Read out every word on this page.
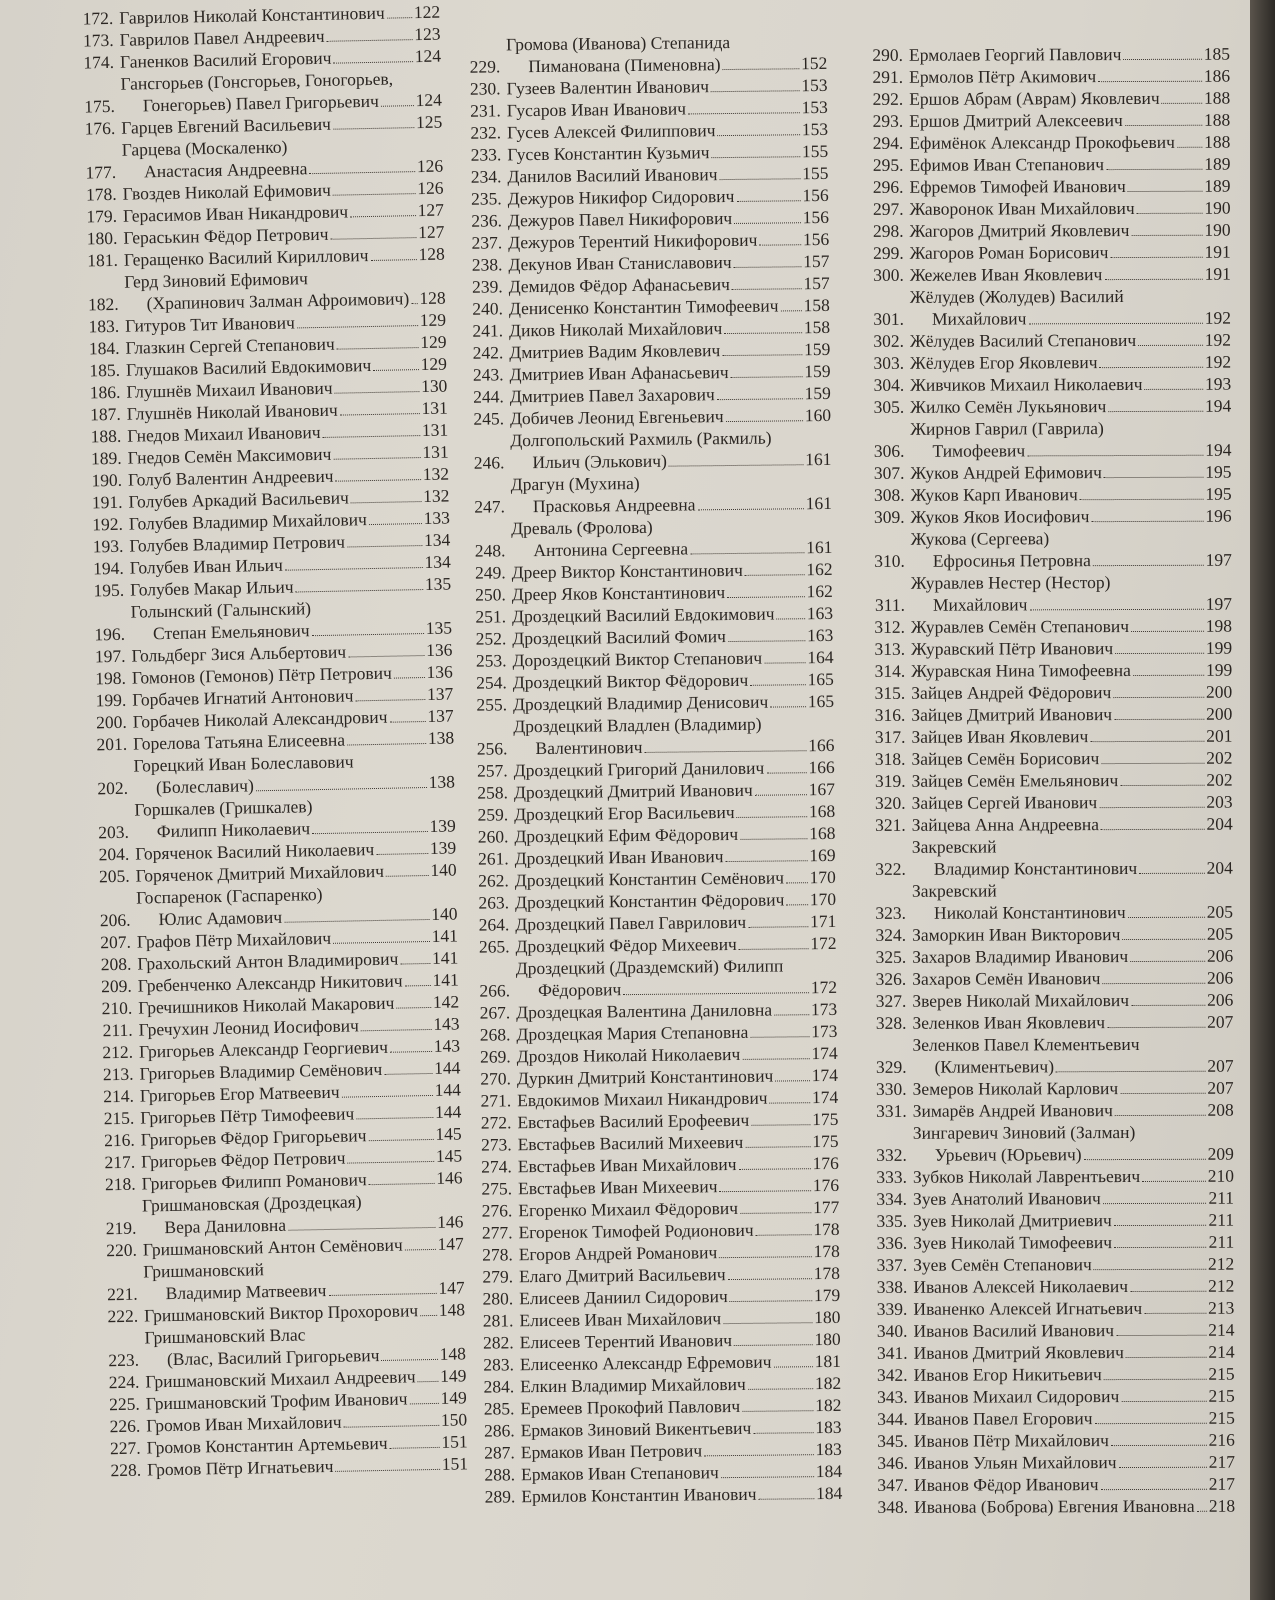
172. Гаврилов Николай Константинович 122
173. Гаврилов Павел Андреевич	123
174. Ганенков Василий Егорович	124
175.
Гансгорьев (Гонсгорьев, Гоногорьев,
Гонегорьев) Павел Григорьевич 124
176. Гарцев Евгений Васильевич	125
177.
Гарцева (Москаленко)
Анастасия Андреевна	126
178. Гвоздев Николай Ефимович	126
179. Герасимов Иван Никандрович	127
180. Гераськин Фёдор Петрович	127
181. Геращенко Василий Кириллович	128
182.
Герд Зиновий Ефимович
(Храпинович Залман Афроимович) 128
183. Гитуров Тит Иванович	129
184. Глазкин Сергей Степанович	129
185. Глушаков Василий Евдокимович	129
186. Глушнёв Михаил Иванович	130
187. Глушнёв Николай Иванович	131
188. Гнедов Михаил Иванович	131
189. Гнедов Семён Максимович	131
190. Голуб Валентин Андреевич	132
191. Голубев Аркадий Васильевич	132
192. Голубев Владимир Михайлович	133
193. Голубев Владимир Петрович	134
194. Голубев Иван Ильич	134
195. Голубев Макар Ильич	135
196.
Голынский (Галынский)
Степан Емельянович	135
197. Гольдберг Зися Альбертович	136
198. Гомонов (Гемонов) Пётр Петрович 136
199. Горбачев Игнатий Антонович	137
200. Горбачев Николай Александрович 137
201. Горелова Татьяна Елисеевна	138
202.
Горецкий Иван Болеславович
(Болеславич)	138
203.
Горшкалев (Гришкалев)
Филипп Николаевич	139
204. Горяченок Василий Николаевич	139
205. Горяченок Дмитрий Михайлович	140
206.
Госпаренок (Гаспаренко)
Юлис Адамович	140
207. Графов Пётр Михайлович	141
208. Грахольский Антон Владимирович 141
209. Гребенченко Александр Никитович 141
210. Гречишников Николай Макарович 142
211. Гречухин Леонид Иосифович	143
212. Григорьев Александр Георгиевич	143
213. Григорьев Владимир Семёнович	144
214. Григорьев Егор Матвеевич	144
215. Григорьев Пётр Тимофеевич	144
216. Григорьев Фёдор Григорьевич	145
217. Григорьев Фёдор Петрович	145
218. Григорьев Филипп Романович	146
219.
Гришмановская (Дроздецкая)
Вера Даниловна	146
220. Гришмановский Антон Семёнович 147
221.
Гришмановский
Владимир Матвеевич	147
222. Гришмановский Виктор Прохорович 148
223.
Гришмановский Влас
(Влас, Василий Григорьевич	148
224. Гришмановский Михаил Андреевич 149
225. Гришмановский Трофим Иванович 149
226. Громов Иван Михайлович	150
227. Громов Константин Артемьевич	151
228. Громов Пётр Игнатьевич	151
229.
Громова (Иванова) Степанида
Пиманована (Пименовна)	152
230. Гузеев Валентин Иванович	153
231. Гусаров Иван Иванович	153
232. Гусев Алексей Филиппович	153
233. Гусев Константин Кузьмич	155
234. Данилов Василий Иванович	155
235. Дежуров Никифор Сидорович	156
236. Дежуров Павел Никифорович	156
237. Дежуров Терентий Никифорович	156
238. Декунов Иван Станиславович	157
239. Демидов Фёдор Афанасьевич	157
240. Денисенко Константин Тимофеевич 158
241. Диков Николай Михайлович	158
242. Дмитриев Вадим Яковлевич	159
243. Дмитриев Иван Афанасьевич	159
244. Дмитриев Павел Захарович	159
245. Добичев Леонид Евгеньевич	160
246.
Долгопольский Рахмиль (Ракмиль)
Ильич (Элькович)	161
247.
Драгун (Мухина)
Прасковья Андреевна	161
248.
Древаль (Фролова)
Антонина Сергеевна	161
249. Дреер Виктор Константинович	162
250. Дреер Яков Константинович	162
251. Дроздецкий Василий Евдокимович 163
252. Дроздецкий Василий Фомич	163
253. Дороздецкий Виктор Степанович	164
254. Дроздецкий Виктор Фёдорович	165
255. Дроздецкий Владимир Денисович 165
256.
Дроздецкий Владлен (Владимир)
Валентинович	166
257. Дроздецкий Григорий Данилович	166
258. Дроздецкий Дмитрий Иванович	167
259. Дроздецкий Егор Васильевич	168
260. Дроздецкий Ефим Фёдорович	168
261. Дроздецкий Иван Иванович	169
262. Дроздецкий Константин Семёнович 170
263. Дроздецкий Константин Фёдорович 170
264. Дроздецкий Павел Гаврилович	171
265. Дроздецкий Фёдор Михеевич	172
266.
Дроздецкий (Драздемский) Филипп
Фёдорович	172
267. Дроздецкая Валентина Даниловна 173
268. Дроздецкая Мария Степановна	173
269. Дроздов Николай Николаевич	174
270. Дуркин Дмитрий Константинович 174
271. Евдокимов Михаил Никандрович	174
272. Евстафьев Василий Ерофеевич	175
273. Евстафьев Василий Михеевич	175
274. Евстафьев Иван Михайлович	176
275. Евстафьев Иван Михеевич	176
276. Егоренко Михаил Фёдорович	177
277. Егоренок Тимофей Родионович	178
278. Егоров Андрей Романович	178
279. Елаго Дмитрий Васильевич	178
280. Елисеев Даниил Сидорович	179
281. Елисеев Иван Михайлович	180
282. Елисеев Терентий Иванович	180
283. Елисеенко Александр Ефремович 181
284. Елкин Владимир Михайлович	182
285. Еремеев Прокофий Павлович	182
286. Ермаков Зиновий Викентьевич	183
287. Ермаков Иван Петрович	183
288. Ермаков Иван Степанович	184
289. Ермилов Константин Иванович	184
290. Ермолаев Георгий Павлович	185
291. Ермолов Пётр Акимович	186
292. Ершов Абрам (Аврам) Яковлевич	188
293. Ершов Дмитрий Алексеевич	188
294. Ефимёнок Александр Прокофьевич 188
295. Ефимов Иван Степанович	189
296. Ефремов Тимофей Иванович	189
297. Жаворонок Иван Михайлович	190
298. Жагоров Дмитрий Яковлевич	190
299. Жагоров Роман Борисович	191
300. Жежелев Иван Яковлевич	191
301.
Жёлудев (Жолудев) Василий
Михайлович	192
302. Жёлудев Василий Степанович	192
303. Жёлудев Егор Яковлевич	192
304. Живчиков Михаил Николаевич	193
305. Жилко Семён Лукьянович	194
306.
Жирнов Гаврил (Гаврила)
Тимофеевич	194
307. Жуков Андрей Ефимович	195
308. Жуков Карп Иванович	195
309. Жуков Яков Иосифович	196
310.
Жукова (Сергеева)
Ефросинья Петровна	197
311.
Журавлев Нестер (Нестор)
Михайлович	197
312. Журавлев Семён Степанович	198
313. Журавский Пётр Иванович	199
314. Журавская Нина Тимофеевна	199
315. Зайцев Андрей Фёдорович	200
316. Зайцев Дмитрий Иванович	200
317. Зайцев Иван Яковлевич	201
318. Зайцев Семён Борисович	202
319. Зайцев Семён Емельянович	202
320. Зайцев Сергей Иванович	203
321. Зайцева Анна Андреевна	204
322.
Закревский
Владимир Константинович	204
323.
Закревский
Николай Константинович	205
324. Заморкин Иван Викторович	205
325. Захаров Владимир Иванович	206
326. Захаров Семён Иванович	206
327. Зверев Николай Михайлович	206
328. Зеленков Иван Яковлевич	207
329.
Зеленков Павел Клементьевич
(Климентьевич)	207
330. Земеров Николай Карлович	207
331. Зимарёв Андрей Иванович	208
332.
Зингаревич Зиновий (Залман)
Урьевич (Юрьевич)	209
333. Зубков Николай Лаврентьевич	210
334. Зуев Анатолий Иванович	211
335. Зуев Николай Дмитриевич	211
336. Зуев Николай Тимофеевич	211
337. Зуев Семён Степанович	212
338. Иванов Алексей Николаевич	212
339. Иваненко Алексей Игнатьевич	213
340. Иванов Василий Иванович	214
341. Иванов Дмитрий Яковлевич	214
342. Иванов Егор Никитьевич	215
343. Иванов Михаил Сидорович	215
344. Иванов Павел Егорович	215
345. Иванов Пётр Михайлович	216
346. Иванов Ульян Михайлович	217
347. Иванов Фёдор Иванович	217
348. Иванова (Боброва) Евгения Ивановна 218
